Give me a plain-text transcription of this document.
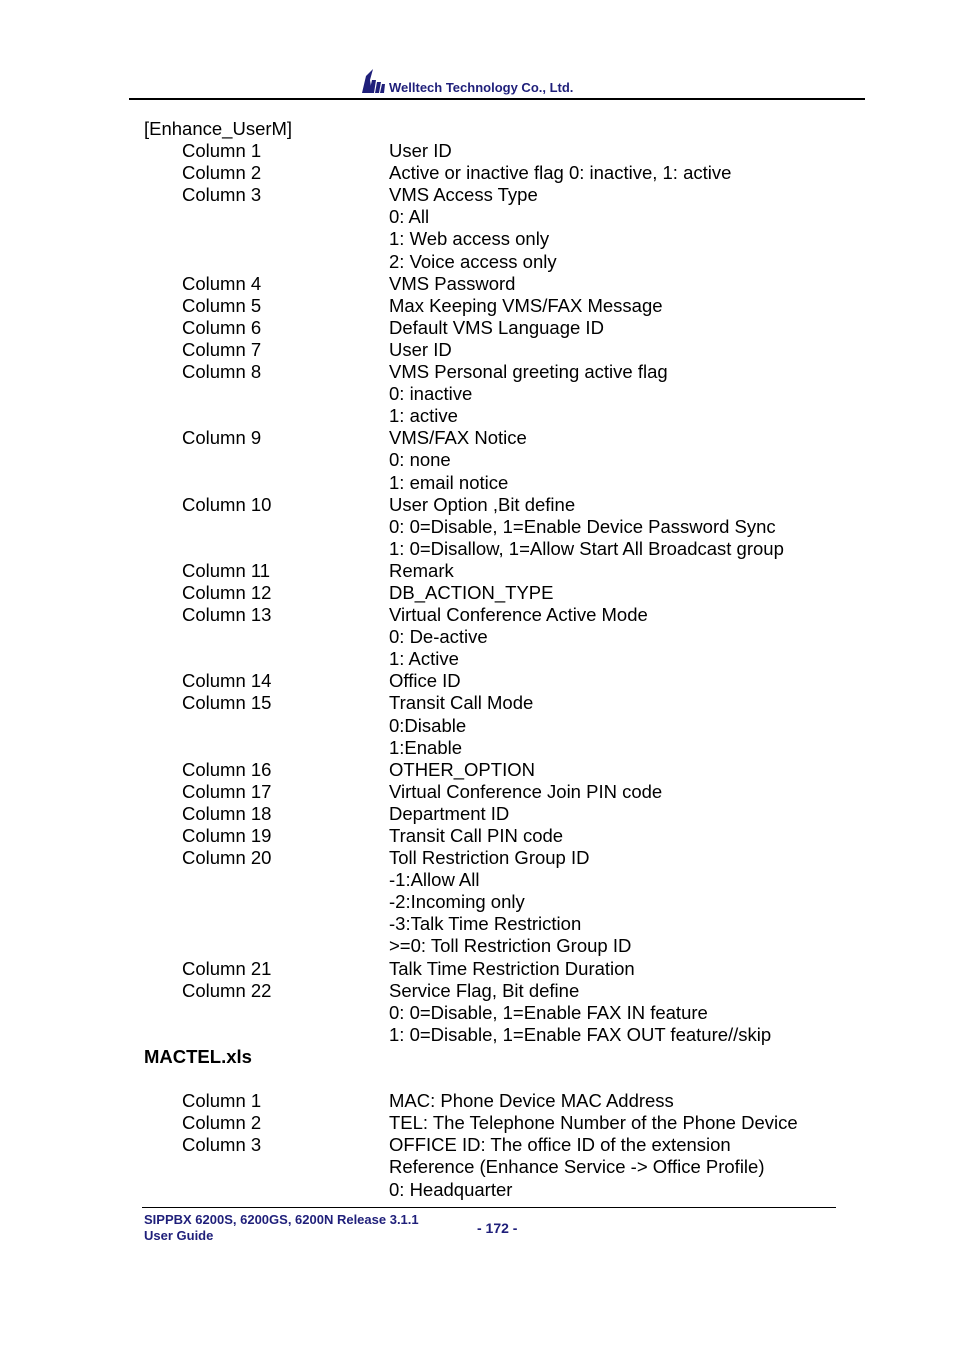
Welltech Technology Co., Ltd.
[Enhance_UserM]
Column 1	User ID
Column 2	Active or inactive flag 0: inactive, 1: active
Column 3	VMS Access Type
0: All
1: Web access only
2: Voice access only
Column 4	VMS Password
Column 5	Max Keeping VMS/FAX Message
Column 6	Default VMS Language ID
Column 7	User ID
Column 8	VMS Personal greeting active flag
0: inactive
1: active
Column 9	VMS/FAX Notice
0: none
1: email notice
Column 10	User Option ,Bit define
0: 0=Disable, 1=Enable Device Password Sync
1: 0=Disallow, 1=Allow Start All Broadcast group
Column 11	Remark
Column 12	DB_ACTION_TYPE
Column 13	Virtual Conference Active Mode
0: De-active
1: Active
Column 14	Office ID
Column 15	Transit Call Mode
0:Disable
1:Enable
Column 16	OTHER_OPTION
Column 17	Virtual Conference Join PIN code
Column 18	Department ID
Column 19	Transit Call PIN code
Column 20	Toll Restriction Group ID
-1:Allow All
-2:Incoming only
-3:Talk Time Restriction
>=0: Toll Restriction Group ID
Column 21	Talk Time Restriction Duration
Column 22	Service Flag, Bit define
0: 0=Disable, 1=Enable FAX IN feature
1: 0=Disable, 1=Enable FAX OUT feature//skip
MACTEL.xls
Column 1	MAC: Phone Device MAC Address
Column 2	TEL: The Telephone Number of the Phone Device
Column 3	OFFICE ID: The office ID of the extension
Reference (Enhance Service -> Office Profile)
0: Headquarter
SIPPBX 6200S, 6200GS, 6200N Release 3.1.1
User Guide	- 172 -
